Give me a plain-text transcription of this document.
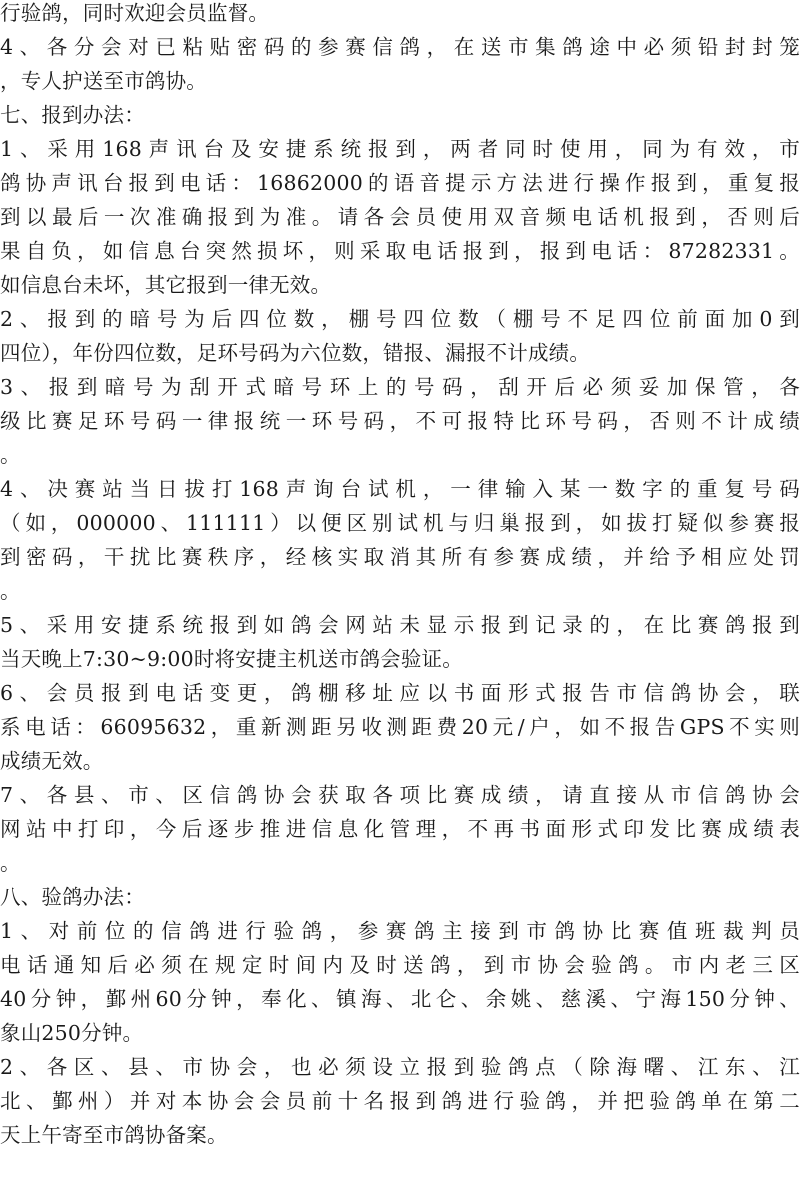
行验鸽，同时欢迎会员监督。
4、各分会对已粘贴密码的参赛信鸽，在送市集鸽途中必须铅封封笼
，专人护送至市鸽协。
七、报到办法：
1、采用168声讯台及安捷系统报到，两者同时使用，同为有效，市
鸽协声讯台报到电话：16862000的语音提示方法进行操作报到，重复报
到以最后一次准确报到为准。请各会员使用双音频电话机报到，否则后
果自负，如信息台突然损坏，则采取电话报到，报到电话：87282331。
如信息台未坏，其它报到一律无效。
2、报到的暗号为后四位数，棚号四位数（棚号不足四位前面加0到
四位），年份四位数，足环号码为六位数，错报、漏报不计成绩。
3、报到暗号为刮开式暗号环上的号码，刮开后必须妥加保管，各
级比赛足环号码一律报统一环号码，不可报特比环号码，否则不计成绩
。
4、决赛站当日拔打168声询台试机，一律输入某一数字的重复号码
（如，000000、111111）以便区别试机与归巢报到，如拔打疑似参赛报
到密码，干扰比赛秩序，经核实取消其所有参赛成绩，并给予相应处罚
。
5、采用安捷系统报到如鸽会网站未显示报到记录的，在比赛鸽报到
当天晚上7:30~9:00时将安捷主机送市鸽会验证。
6、会员报到电话变更，鸽棚移址应以书面形式报告市信鸽协会，联
系电话：66095632，重新测距另收测距费20元/户，如不报告GPS不实则
成绩无效。
7、各县、市、区信鸽协会获取各项比赛成绩，请直接从市信鸽协会
网站中打印，今后逐步推进信息化管理，不再书面形式印发比赛成绩表
。
八、验鸽办法：
1、对前位的信鸽进行验鸽，参赛鸽主接到市鸽协比赛值班裁判员
电话通知后必须在规定时间内及时送鸽，到市协会验鸽。市内老三区
40分钟，鄞州60分钟，奉化、镇海、北仑、余姚、慈溪、宁海150分钟、
象山250分钟。
2、各区、县、市协会，也必须设立报到验鸽点（除海曙、江东、江
北、鄞州）并对本协会会员前十名报到鸽进行验鸽，并把验鸽单在第二
天上午寄至市鸽协备案。
